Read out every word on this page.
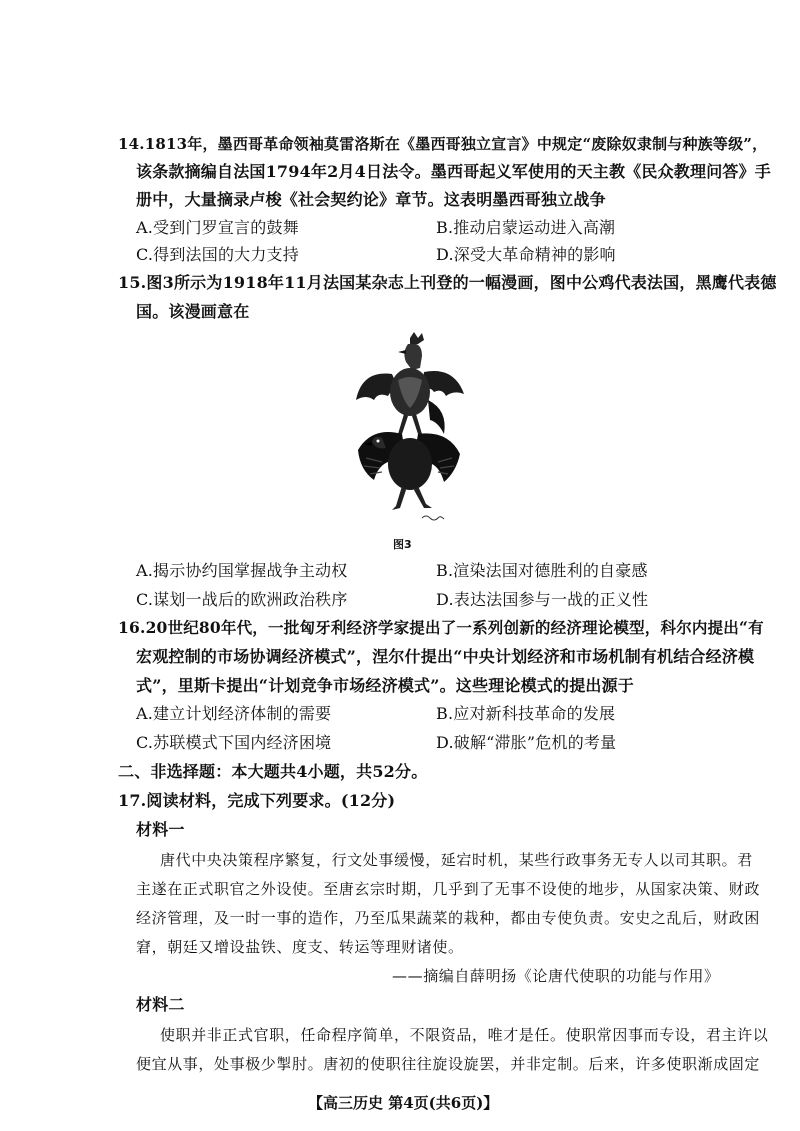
14.1813年，墨西哥革命领袖莫雷洛斯在《墨西哥独立宣言》中规定“废除奴隶制与种族等级”，
该条款摘编自法国1794年2月4日法令。墨西哥起义军使用的天主教《民众教理问答》手
册中，大量摘录卢梭《社会契约论》章节。这表明墨西哥独立战争
A.受到门罗宣言的鼓舞	B.推动启蒙运动进入高潮
C.得到法国的大力支持	D.深受大革命精神的影响
15.图3所示为1918年11月法国某杂志上刊登的一幅漫画，图中公鸡代表法国，黑鹰代表德
国。该漫画意在
图3
A.揭示协约国掌握战争主动权	B.渲染法国对德胜利的自豪感
C.谋划一战后的欧洲政治秩序	D.表达法国参与一战的正义性
16.20世纪80年代，一批匈牙利经济学家提出了一系列创新的经济理论模型，科尔内提出“有
宏观控制的市场协调经济模式”，涅尔什提出“中央计划经济和市场机制有机结合经济模
式”，里斯卡提出“计划竞争市场经济模式”。这些理论模式的提出源于
A.建立计划经济体制的需要	B.应对新科技革命的发展
C.苏联模式下国内经济困境	D.破解“滞胀”危机的考量
二、非选择题：本大题共4小题，共52分。
17.阅读材料，完成下列要求。(12分)
材料一
唐代中央决策程序繁复，行文处事缓慢，延宕时机，某些行政事务无专人以司其职。君
主遂在正式职官之外设使。至唐玄宗时期，几乎到了无事不设使的地步，从国家决策、财政
经济管理，及一时一事的造作，乃至瓜果蔬菜的栽种，都由专使负责。安史之乱后，财政困
窘，朝廷又增设盐铁、度支、转运等理财诸使。
——摘编自薛明扬《论唐代使职的功能与作用》
材料二
使职并非正式官职，任命程序简单，不限资品，唯才是任。使职常因事而专设，君主许以
便宜从事，处事极少掣肘。唐初的使职往往旋设旋罢，并非定制。后来，许多使职渐成固定
【高三历史 第4页(共6页)】
